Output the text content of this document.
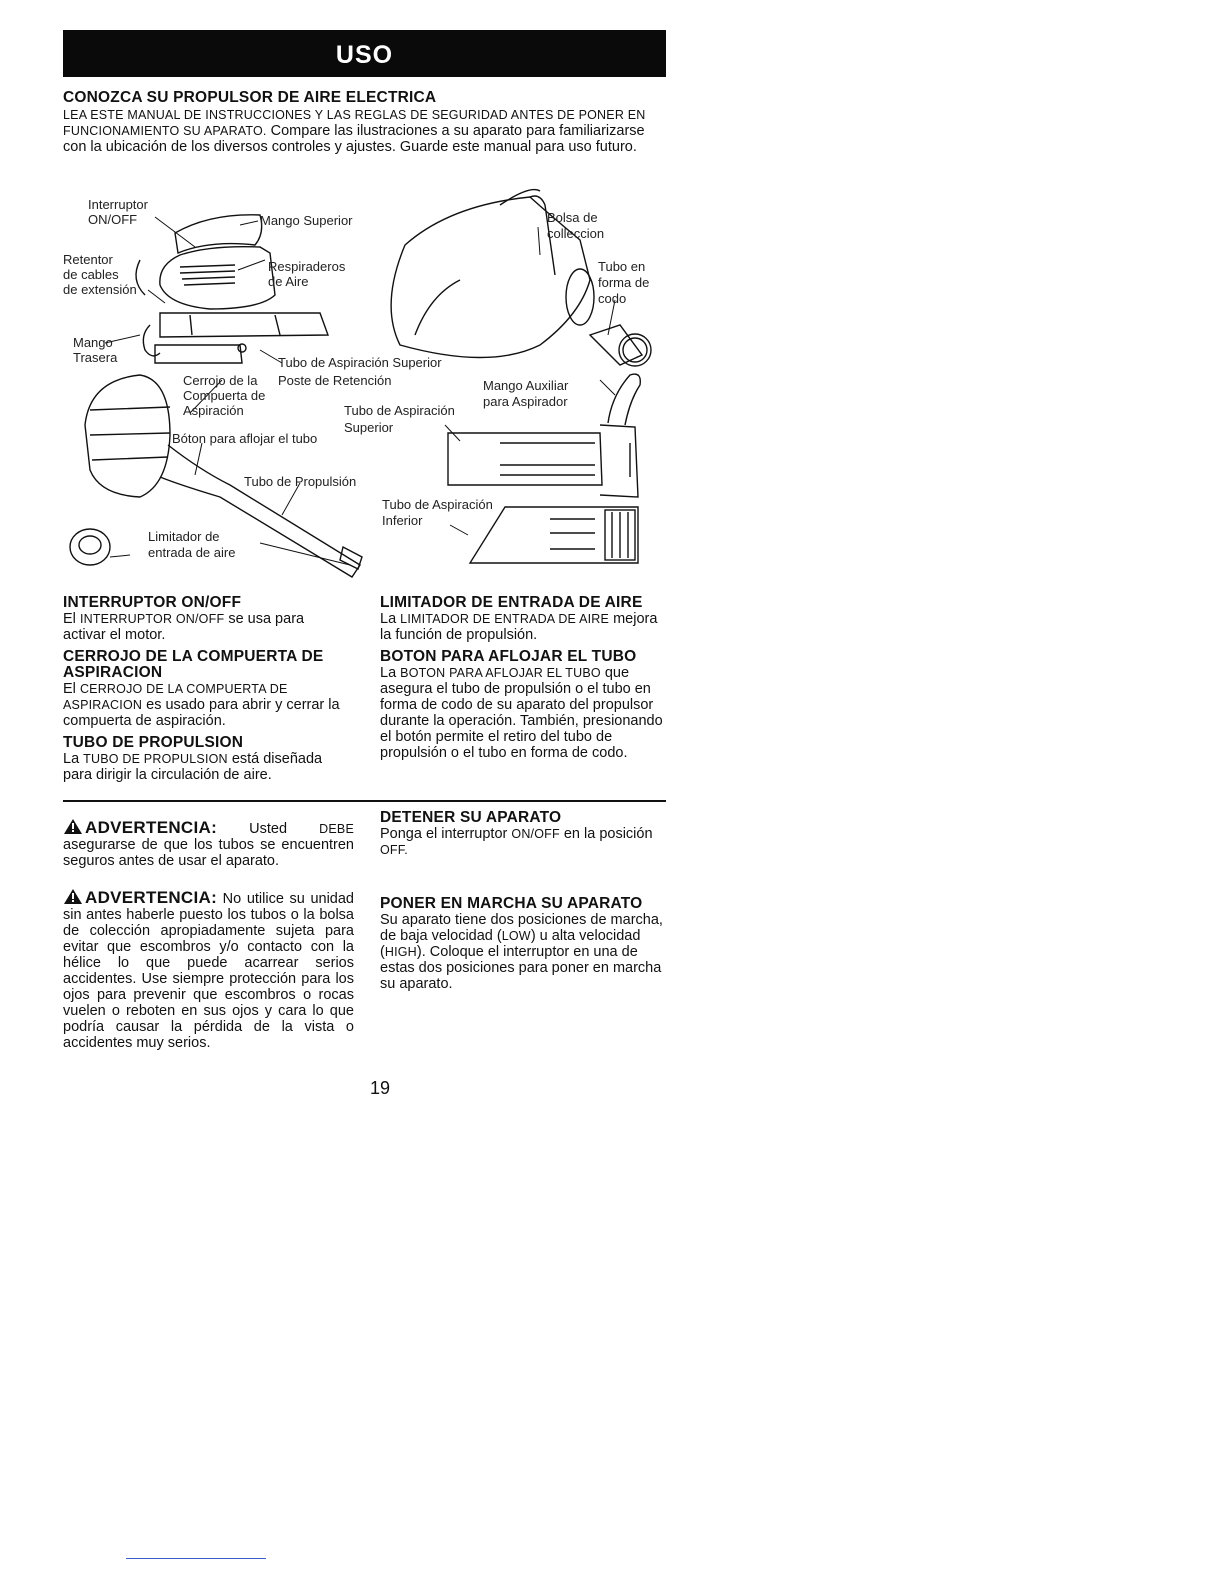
USO

CONOZCA SU PROPULSOR DE AIRE ELECTRICA

LEA ESTE MANUAL DE INSTRUCCIONES Y LAS REGLAS DE SEGURIDAD ANTES DE PONER EN FUNCIONAMIENTO SU APARATO. Compare las ilustraciones a su aparato para familiarizarse con la ubicación de los diversos controles y ajustes. Guarde este manual para uso futuro.

Interruptor
ON/OFF	Mango Superior
Retentor
de cables
de extensión
Respiraderos
de Aire
Mango
Trasera	Tubo de Aspiración Superior
Cerrojo de la
Compuerta de
Aspiración
Poste de Retención
Tubo de Aspiración
Superior
Bóton para aflojar el tubo
Tubo de Propulsión
Limitador de
entrada de aire
Bolsa de
colleccion
Tubo en
forma de
codo
Mango Auxiliar
para Aspirador
Tubo de Aspiración
Inferior

INTERRUPTOR ON/OFF

El INTERRUPTOR ON/OFF se usa para activar el motor.

CERROJO DE LA COMPUERTA DE
ASPIRACION

El CERROJO DE LA COMPUERTA DE ASPIRACION es usado para abrir y cerrar la compuerta de aspiración.

TUBO DE PROPULSION

La TUBO DE PROPULSION está diseñada para dirigir la circulación de aire.

LIMITADOR DE ENTRADA DE AIRE

La LIMITADOR DE ENTRADA DE AIRE mejora la función de propulsión.

BOTON PARA AFLOJAR EL TUBO

La BOTON PARA AFLOJAR EL TUBO que asegura el tubo de propulsión o el tubo en forma de codo de su aparato del propulsor durante la operación. También, presionando el botón permite el retiro del tubo de propulsión o el tubo en forma de codo.

ADVERTENCIA: Usted	DEBE asegurarse de que los tubos se encuentren seguros antes de usar el aparato.

ADVERTENCIA: No utilice su unidad sin antes haberle puesto los tubos o la bolsa de colección apropiadamente sujeta para evitar que escombros y/o contacto con la hélice lo que puede acarrear serios accidentes. Use siempre protección para los ojos para prevenir que escombros o rocas vuelen o reboten en sus ojos y cara lo que podría causar la pérdida de la vista o accidentes muy serios.

DETENER SU APARATO

Ponga el interruptor ON/OFF en la posición OFF.

PONER EN MARCHA SU APARATO

Su aparato tiene dos posiciones de marcha, de baja velocidad (LOW) u alta velocidad (HIGH). Coloque el interruptor en una de estas dos posiciones para poner en marcha su aparato.

19
